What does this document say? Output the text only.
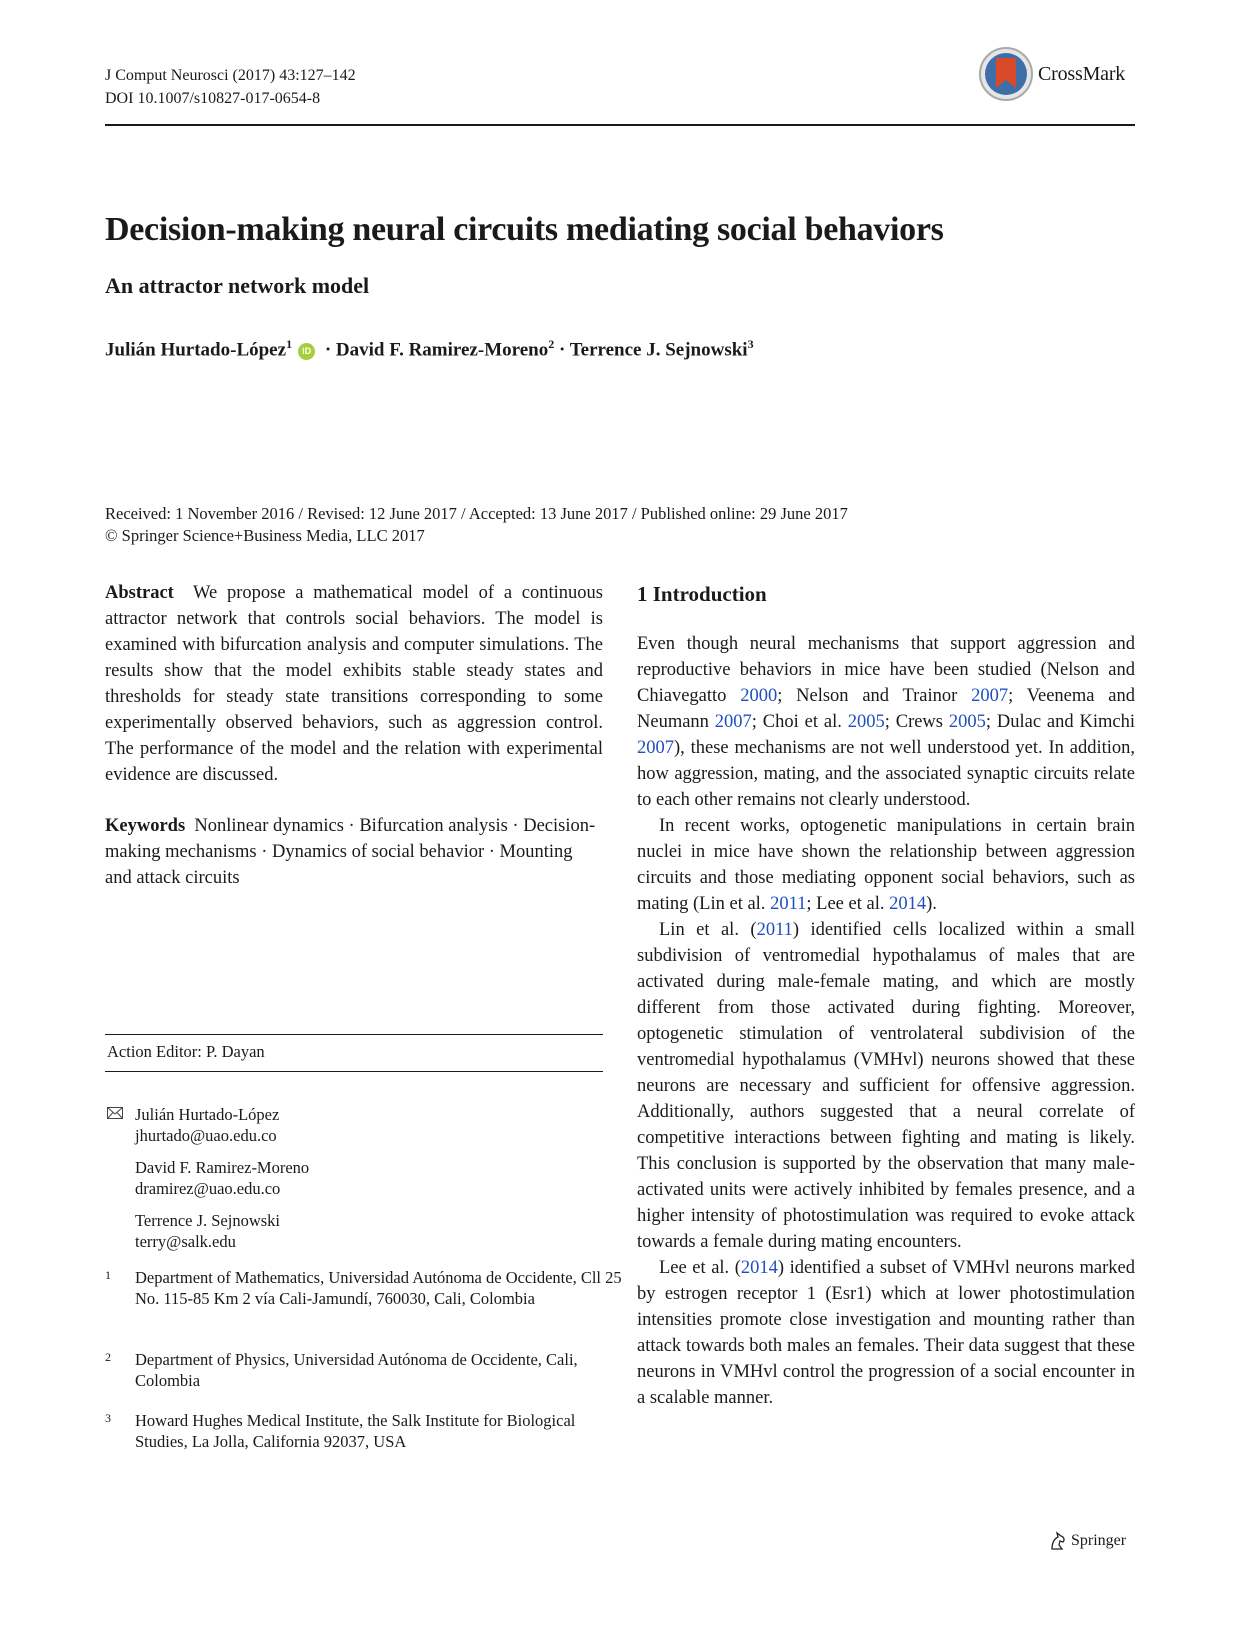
J Comput Neurosci (2017) 43:127–142
DOI 10.1007/s10827-017-0654-8
CrossMark
Decision-making neural circuits mediating social behaviors
An attractor network model
Julián Hurtado-López$^1$iD · David F. Ramirez-Moreno$^2$ · Terrence J. Sejnowski$^3$
Received: 1 November 2016 / Revised: 12 June 2017 / Accepted: 13 June 2017 / Published online: 29 June 2017
© Springer Science+Business Media, LLC 2017

Abstract We propose a mathematical model of a continuous attractor network that controls social behaviors. The model is examined with bifurcation analysis and computer simulations. The results show that the model exhibits stable steady states and thresholds for steady state transitions corresponding to some experimentally observed behaviors, such as aggression control. The performance of the model and the relation with experimental evidence are discussed.

Keywords Nonlinear dynamics · Bifurcation analysis · Decision-making mechanisms · Dynamics of social behavior · Mounting and attack circuits

Action Editor: P. Dayan
Julián Hurtado-López
jhurtado@uao.edu.co
David F. Ramirez-Moreno
dramirez@uao.edu.co
Terrence J. Sejnowski
terry@salk.edu
1	Department of Mathematics, Universidad Autónoma de Occidente, Cll 25 No. 115-85 Km 2 vía Cali-Jamundí, 760030, Cali, Colombia
2	Department of Physics, Universidad Autónoma de Occidente, Cali, Colombia
3	Howard Hughes Medical Institute, the Salk Institute for Biological Studies, La Jolla, California 92037, USA
1 Introduction

Even though neural mechanisms that support aggression and reproductive behaviors in mice have been studied (Nelson and Chiavegatto 2000; Nelson and Trainor 2007; Veenema and Neumann 2007; Choi et al. 2005; Crews 2005; Dulac and Kimchi 2007), these mechanisms are not well understood yet. In addition, how aggression, mating, and the associated synaptic circuits relate to each other remains not clearly understood.

In recent works, optogenetic manipulations in certain brain nuclei in mice have shown the relationship between aggression circuits and those mediating opponent social behaviors, such as mating (Lin et al. 2011; Lee et al. 2014).

Lin et al. (2011) identified cells localized within a small subdivision of ventromedial hypothalamus of males that are activated during male-female mating, and which are mostly different from those activated during fighting. Moreover, optogenetic stimulation of ventrolateral subdivision of the ventromedial hypothalamus (VMHvl) neurons showed that these neurons are necessary and sufficient for offensive aggression. Additionally, authors suggested that a neural correlate of competitive interactions between fighting and mating is likely. This conclusion is supported by the observation that many male-activated units were actively inhibited by females presence, and a higher intensity of photostimulation was required to evoke attack towards a female during mating encounters.

Lee et al. (2014) identified a subset of VMHvl neurons marked by estrogen receptor 1 (Esr1) which at lower photostimulation intensities promote close investigation and mounting rather than attack towards both males an females. Their data suggest that these neurons in VMHvl control the progression of a social encounter in a scalable manner.

Springer
